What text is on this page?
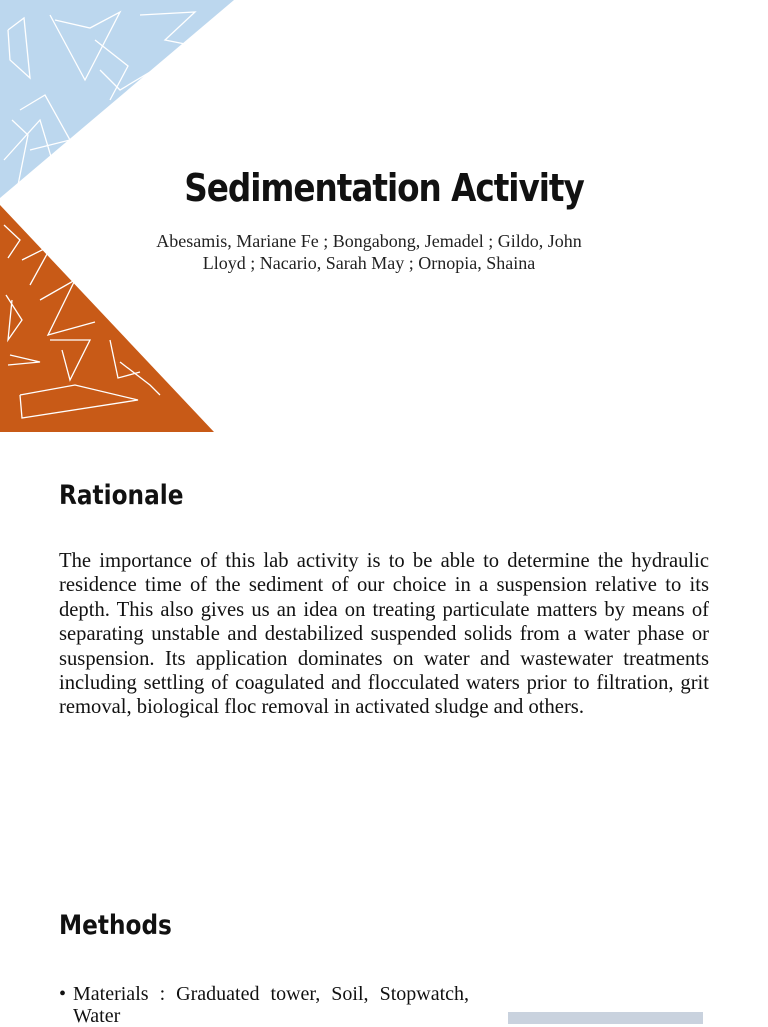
Sedimentation Activity
Abesamis, Mariane Fe ; Bongabong, Jemadel ; Gildo, John
Lloyd ; Nacario, Sarah May ; Ornopia, Shaina
Rationale
The importance of this lab activity is to be able to determine the hydraulic residence time of the sediment of our choice in a suspension relative to its depth. This also gives us an idea on treating particulate matters by means of separating unstable and destabilized suspended solids from a water phase or suspension. Its application dominates on water and wastewater treatments including settling of coagulated and flocculated waters prior to filtration, grit removal, biological floc removal in activated sludge and others.
Methods
• Materials : Graduated tower, Soil, Stopwatch, Water
